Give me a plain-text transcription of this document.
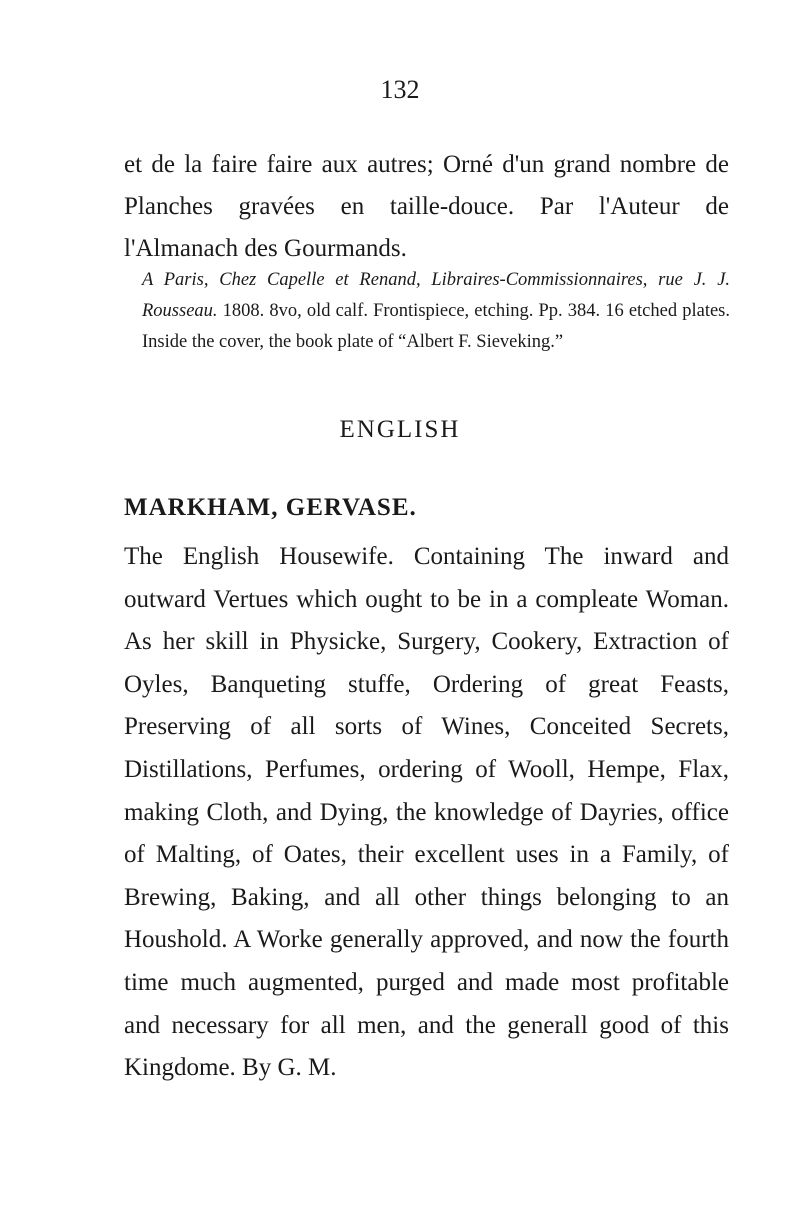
132

et de la faire faire aux autres; Orné d'un grand nombre de Planches gravées en taille-douce. Par l'Auteur de l'Almanach des Gourmands.

A Paris, Chez Capelle et Renand, Libraires-Commissionnaires, rue J. J. Rousseau. 1808. 8vo, old calf. Frontispiece, etching. Pp. 384. 16 etched plates. Inside the cover, the book plate of “Albert F. Sieveking.”

ENGLISH
MARKHAM, GERVASE.

The English Housewife. Containing The inward and outward Vertues which ought to be in a compleate Woman. As her skill in Physicke, Surgery, Cookery, Extraction of Oyles, Banqueting stuffe, Ordering of great Feasts, Preserving of all sorts of Wines, Conceited Secrets, Distillations, Perfumes, ordering of Wooll, Hempe, Flax, making Cloth, and Dying, the knowledge of Dayries, office of Malting, of Oates, their excellent uses in a Family, of Brewing, Baking, and all other things belonging to an Houshold. A Worke generally approved, and now the fourth time much augmented, purged and made most profitable and necessary for all men, and the generall good of this Kingdome. By G. M.
